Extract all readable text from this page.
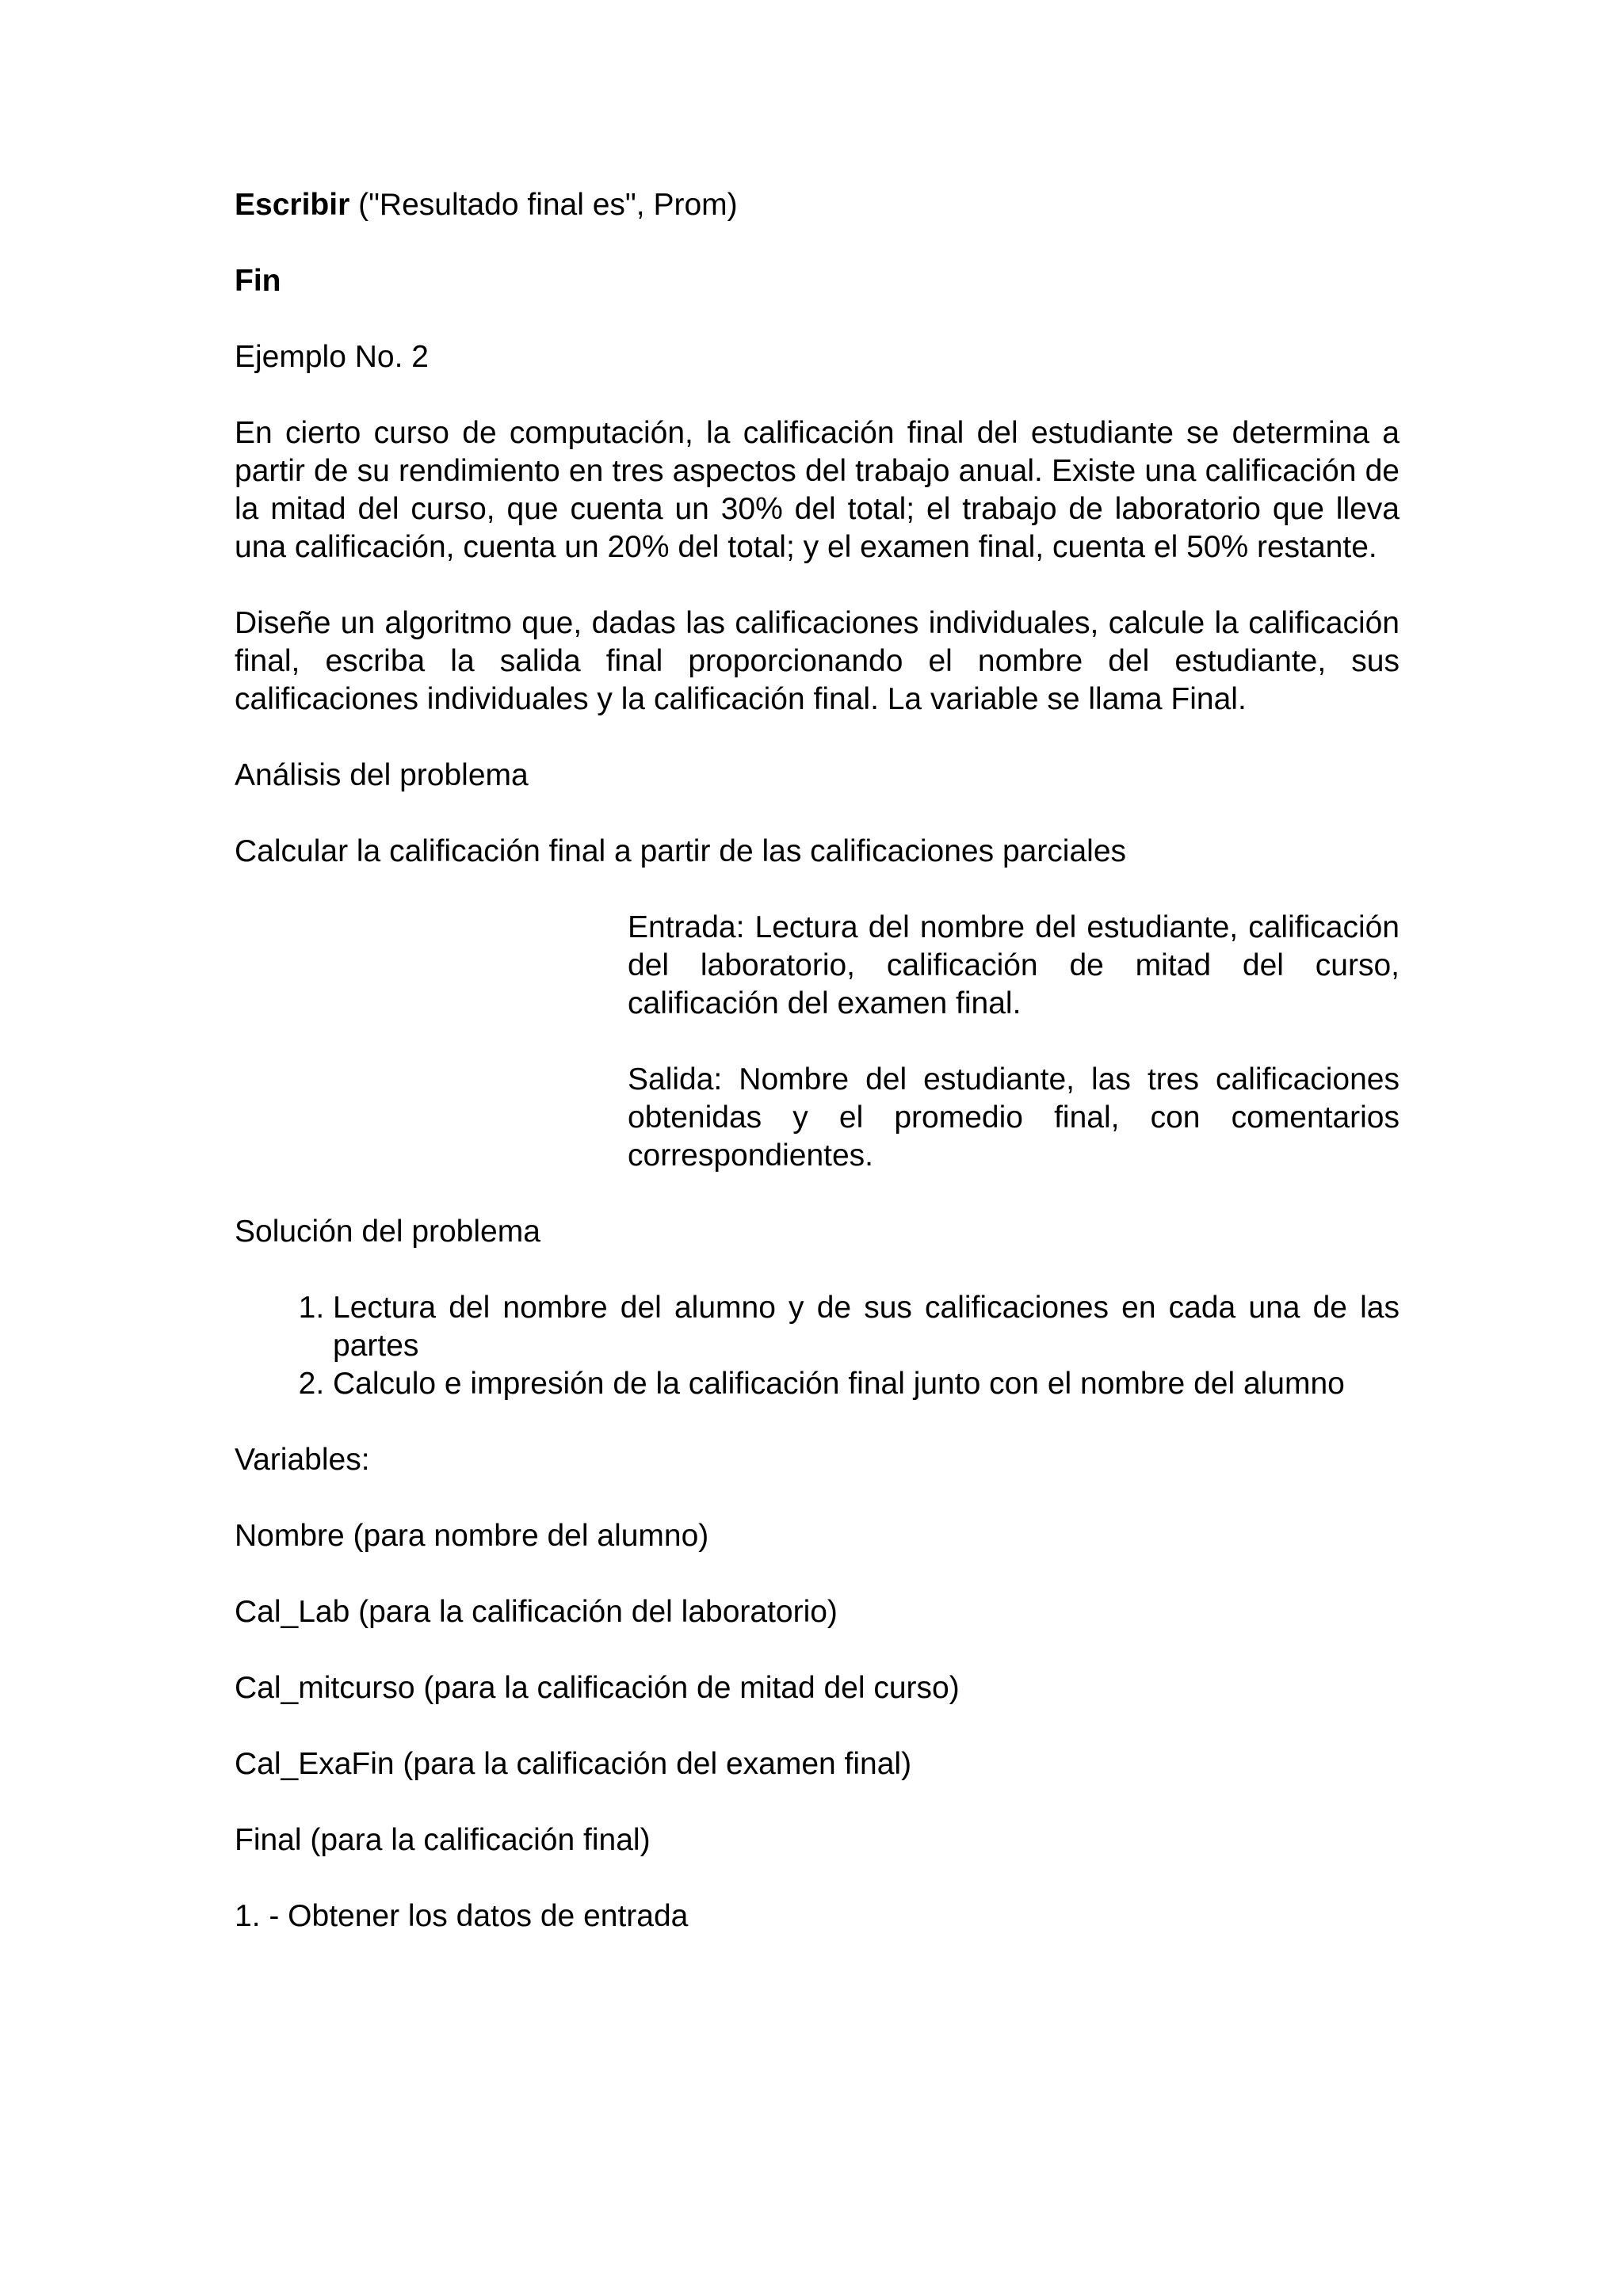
Escribir ("Resultado final es", Prom)

Fin

Ejemplo No. 2

En cierto curso de computación, la calificación final del estudiante se determina a partir de su rendimiento en tres aspectos del trabajo anual. Existe una calificación de la mitad del curso, que cuenta un 30% del total; el trabajo de laboratorio que lleva una calificación, cuenta un 20% del total; y el examen final, cuenta el 50% restante.

Diseñe un algoritmo que, dadas las calificaciones individuales, calcule la calificación final, escriba la salida final proporcionando el nombre del estudiante, sus calificaciones individuales y la calificación final. La variable se llama Final.

Análisis del problema

Calcular la calificación final a partir de las calificaciones parciales

Entrada: Lectura del nombre del estudiante, calificación del laboratorio, calificación de mitad del curso, calificación del examen final.

Salida: Nombre del estudiante, las tres calificaciones obtenidas y el promedio final, con comentarios correspondientes.

Solución del problema

1. Lectura del nombre del alumno y de sus calificaciones en cada una de las partes
2. Calculo e impresión de la calificación final junto con el nombre del alumno

Variables:

Nombre (para nombre del alumno)

Cal_Lab (para la calificación del laboratorio)

Cal_mitcurso (para la calificación de mitad del curso)

Cal_ExaFin (para la calificación del examen final)

Final (para la calificación final)

1. - Obtener los datos de entrada
